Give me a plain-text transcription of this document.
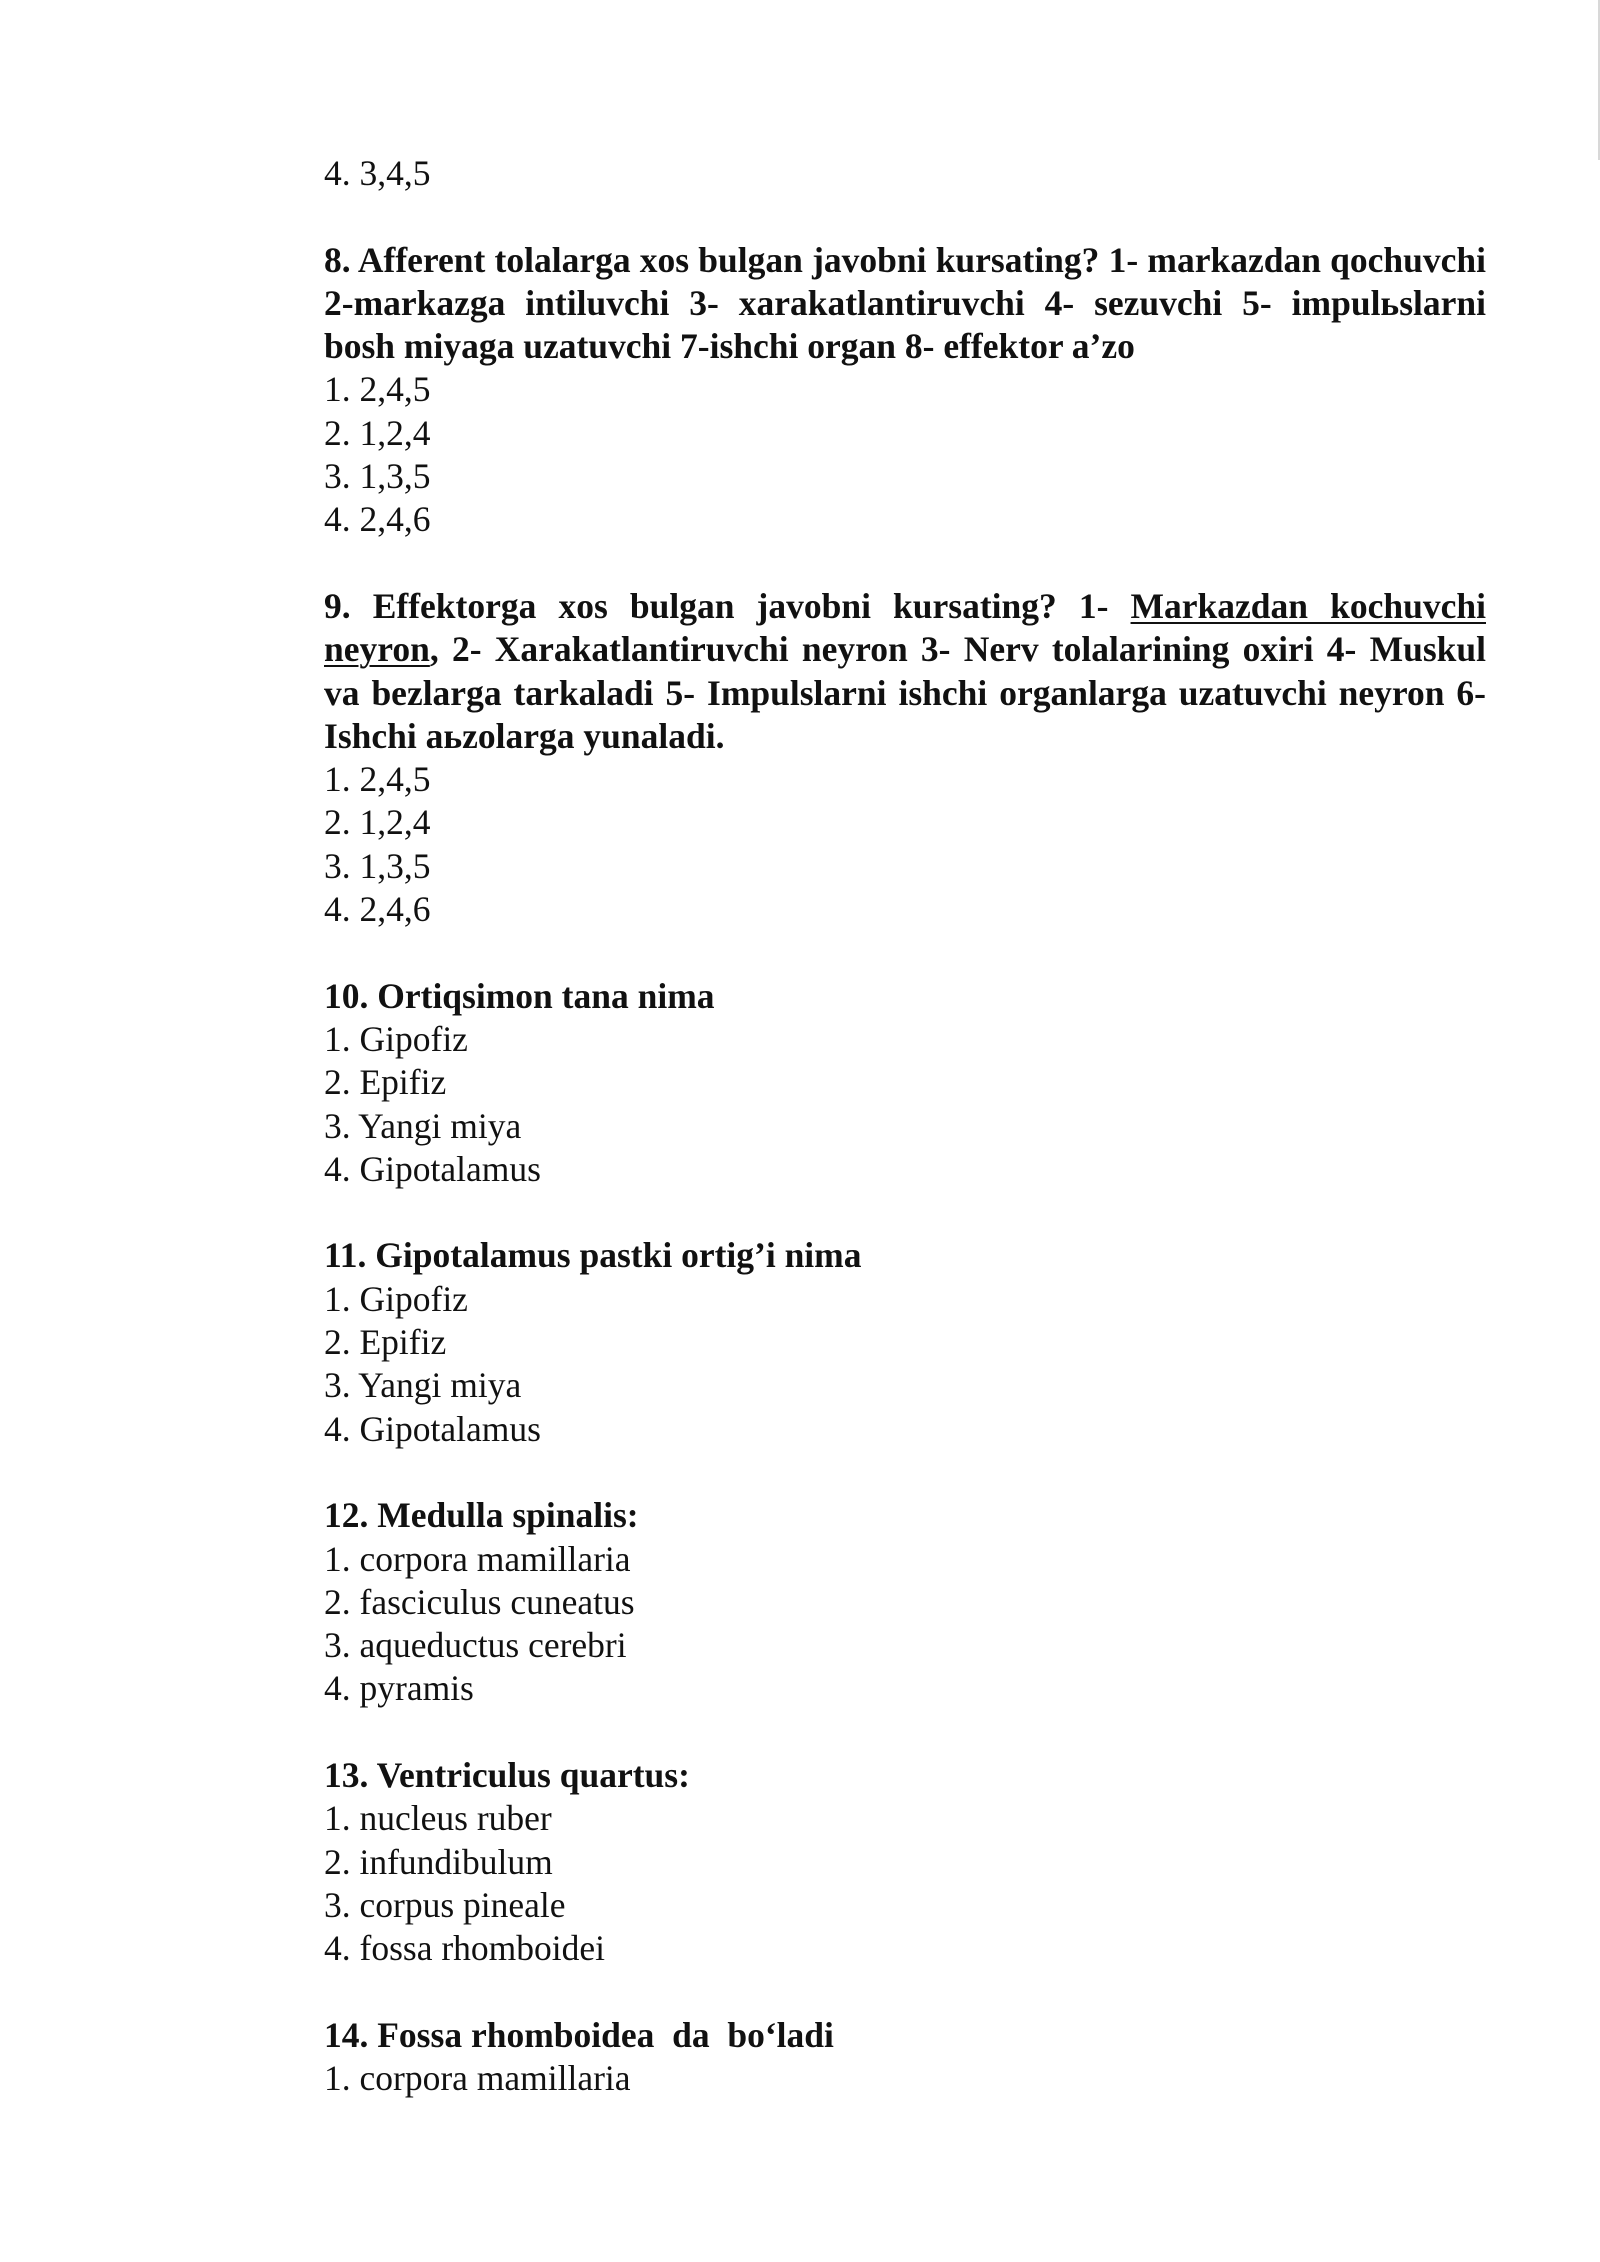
4. 3,4,5
8. Afferent tolalarga xos bulgan javobni kursating? 1- markazdan qochuvchi 2-markazga intiluvchi 3- xarakatlantiruvchi 4- sezuvchi 5- impulьslarni bosh miyaga uzatuvchi 7-ishchi organ 8- effektor a’zo
1. 2,4,5
2. 1,2,4
3. 1,3,5
4. 2,4,6
9. Effektorga xos bulgan javobni kursating? 1- Markazdan kochuvchi neyron, 2- Xarakatlantiruvchi neyron 3- Nerv tolalarining oxiri 4- Muskul va bezlarga tarkaladi 5- Impulslarni ishchi organlarga uzatuvchi neyron 6- Ishchi aьzolarga yunaladi.
1. 2,4,5
2. 1,2,4
3. 1,3,5
4. 2,4,6
10. Ortiqsimon tana nima
1. Gipofiz
2. Epifiz
3. Yangi miya
4. Gipotalamus
11. Gipotalamus pastki ortig’i nima
1. Gipofiz
2. Epifiz
3. Yangi miya
4. Gipotalamus
12. Medulla spinalis:
1. corpora mamillaria
2. fasciculus cuneatus
3. aqueductus cerebri
4. pyramis
13. Ventriculus quartus:
1. nucleus ruber
2. infundibulum
3. corpus pineale
4. fossa rhomboidei
14. Fossa rhomboidea  da  bo‘ladi
1. corpora mamillaria
